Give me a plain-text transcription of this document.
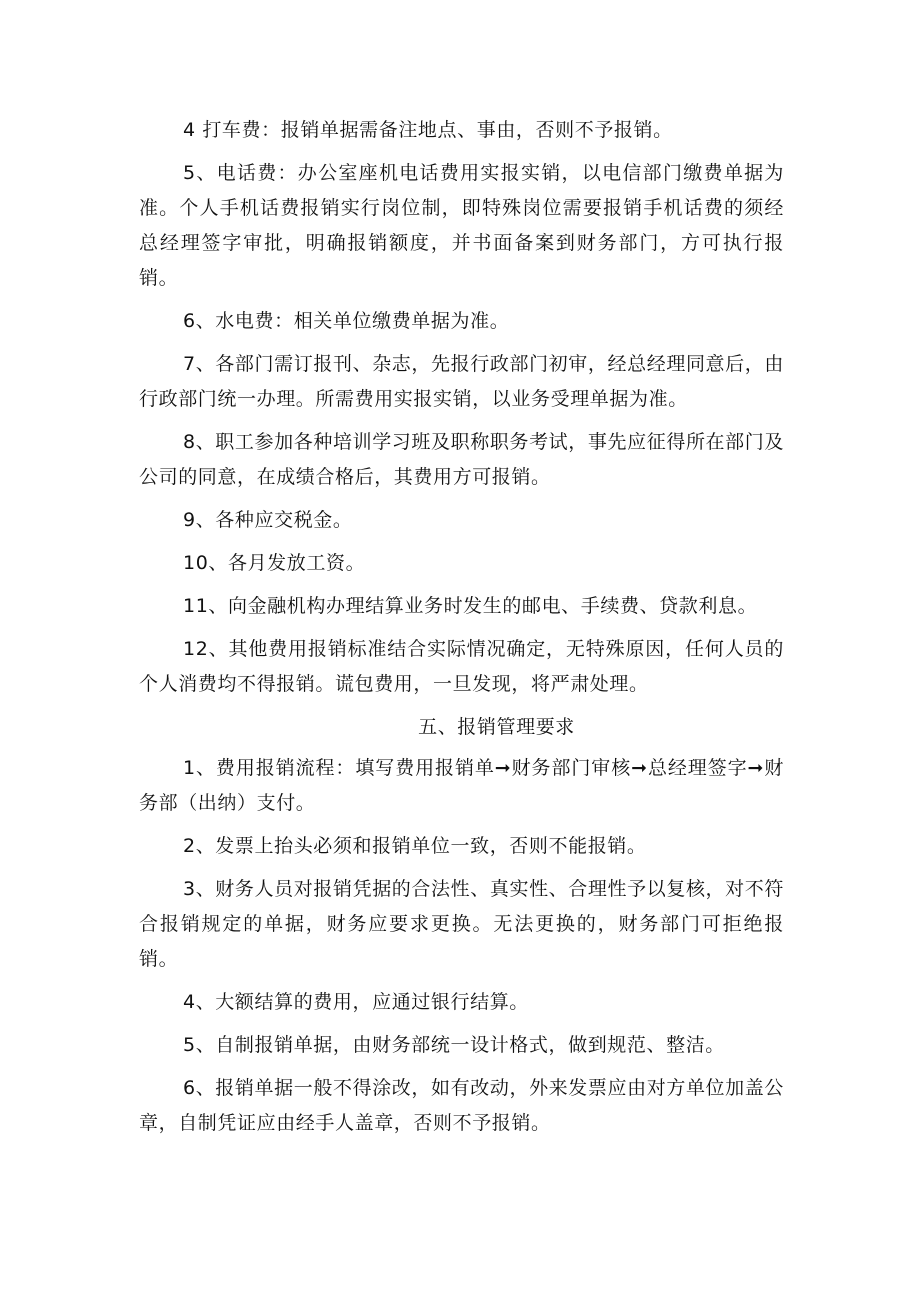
4 打车费：报销单据需备注地点、事由，否则不予报销。

5、电话费：办公室座机电话费用实报实销，以电信部门缴费单据为准。个人手机话费报销实行岗位制，即特殊岗位需要报销手机话费的须经总经理签字审批，明确报销额度，并书面备案到财务部门，方可执行报销。

6、水电费：相关单位缴费单据为准。

7、各部门需订报刊、杂志，先报行政部门初审，经总经理同意后，由行政部门统一办理。所需费用实报实销，以业务受理单据为准。

8、职工参加各种培训学习班及职称职务考试，事先应征得所在部门及公司的同意，在成绩合格后，其费用方可报销。

9、各种应交税金。

10、各月发放工资。

11、向金融机构办理结算业务时发生的邮电、手续费、贷款利息。

12、其他费用报销标准结合实际情况确定，无特殊原因，任何人员的个人消费均不得报销。谎包费用，一旦发现，将严肃处理。

五、报销管理要求

1、费用报销流程：填写费用报销单➞财务部门审核➞总经理签字➞财务部（出纳）支付。

2、发票上抬头必须和报销单位一致，否则不能报销。

3、财务人员对报销凭据的合法性、真实性、合理性予以复核，对不符合报销规定的单据，财务应要求更换。无法更换的，财务部门可拒绝报销。

4、大额结算的费用，应通过银行结算。

5、自制报销单据，由财务部统一设计格式，做到规范、整洁。

6、报销单据一般不得涂改，如有改动，外来发票应由对方单位加盖公章，自制凭证应由经手人盖章，否则不予报销。
